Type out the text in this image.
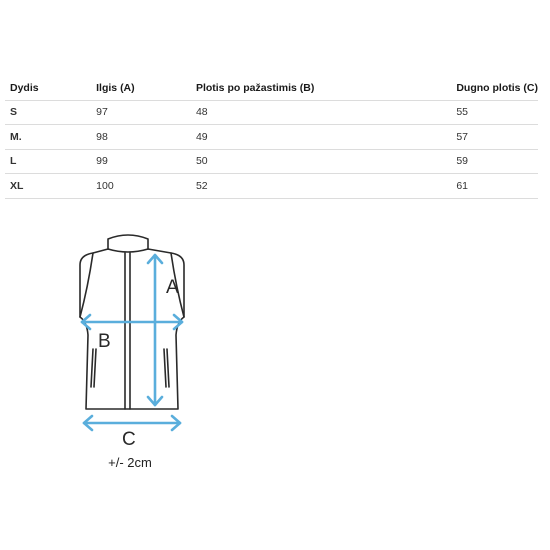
Dydis	Ilgis (A)	Plotis po pažastimis (B)	Dugno plotis (C)
S	97	48	55
M.	98	49	57
L	99	50	59
XL	100	52	61
A
B
C
+/- 2cm
